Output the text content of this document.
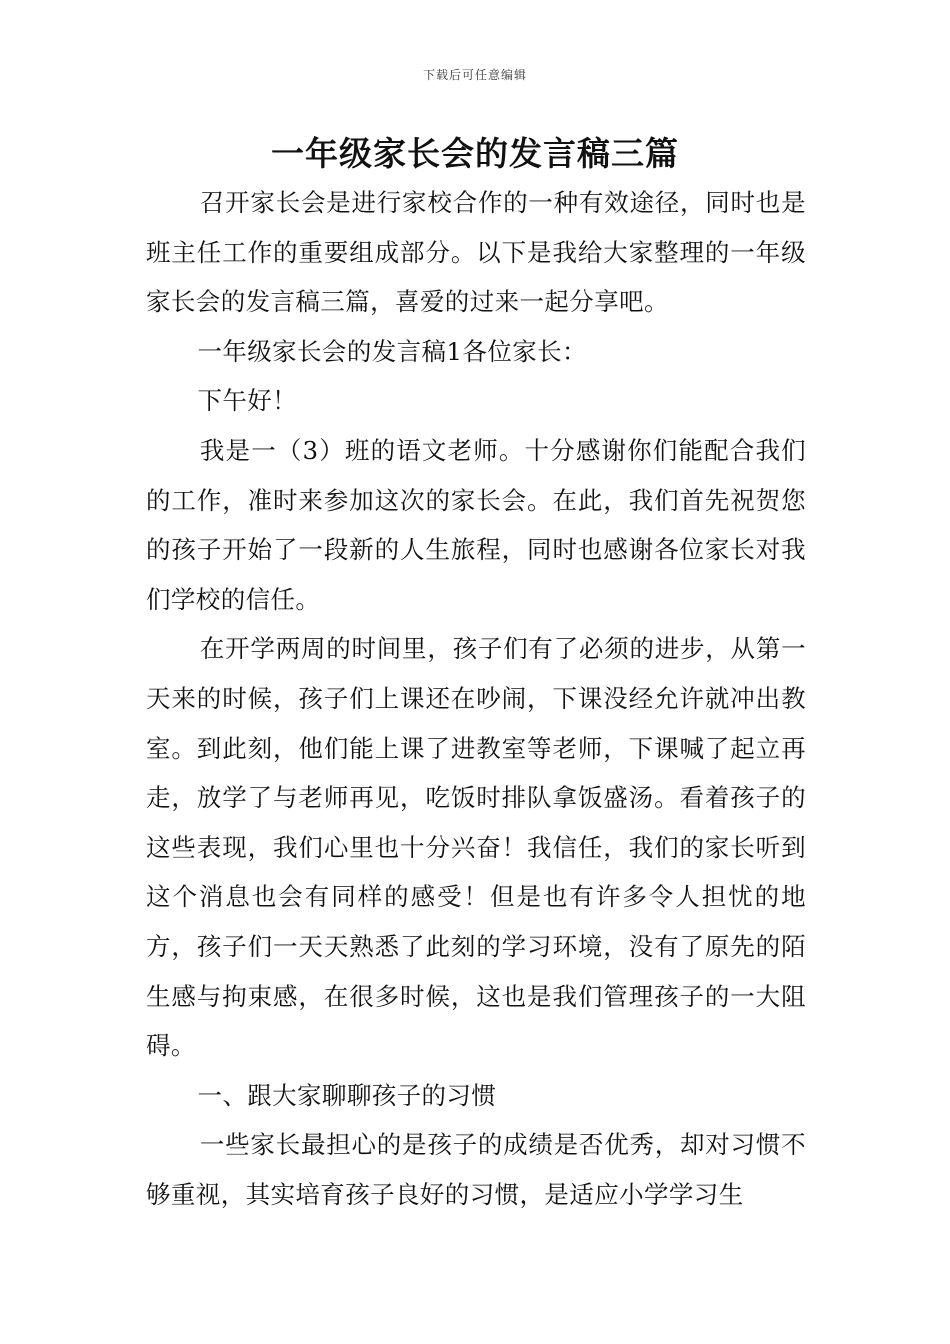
下载后可任意编辑
一年级家长会的发言稿三篇

召开家长会是进行家校合作的一种有效途径，同时也是班主任工作的重要组成部分。以下是我给大家整理的一年级家长会的发言稿三篇，喜爱的过来一起分享吧。

一年级家长会的发言稿1各位家长：

下午好！

我是一（3）班的语文老师。十分感谢你们能配合我们的工作，准时来参加这次的家长会。在此，我们首先祝贺您的孩子开始了一段新的人生旅程，同时也感谢各位家长对我们学校的信任。

在开学两周的时间里，孩子们有了必须的进步，从第一天来的时候，孩子们上课还在吵闹，下课没经允许就冲出教室。到此刻，他们能上课了进教室等老师，下课喊了起立再走，放学了与老师再见，吃饭时排队拿饭盛汤。看着孩子的这些表现，我们心里也十分兴奋！我信任，我们的家长听到这个消息也会有同样的感受！但是也有许多令人担忧的地方，孩子们一天天熟悉了此刻的学习环境，没有了原先的陌生感与拘束感，在很多时候，这也是我们管理孩子的一大阻碍。

一、跟大家聊聊孩子的习惯

一些家长最担心的是孩子的成绩是否优秀，却对习惯不够重视，其实培育孩子良好的习惯，是适应小学学习生
